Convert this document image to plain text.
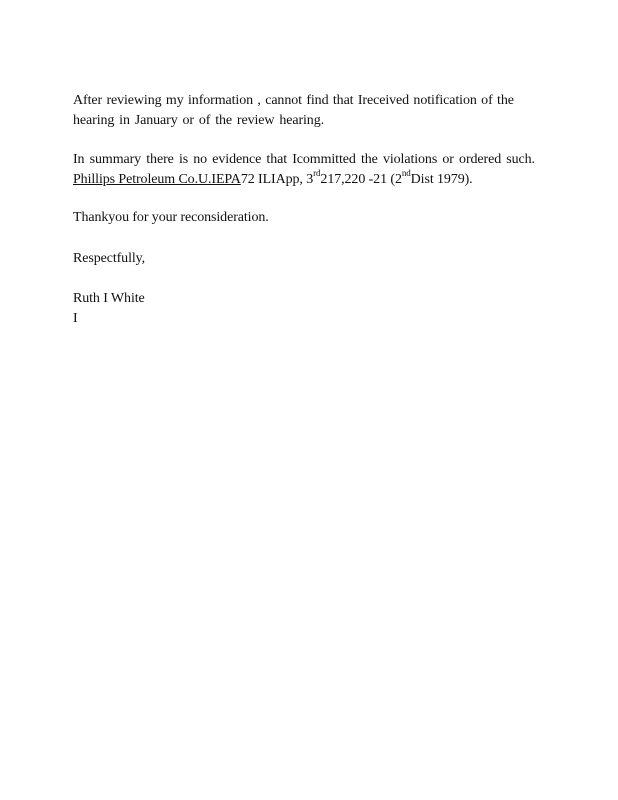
After reviewing my information , cannot find that Ireceived notification of the
hearing in January or of the review hearing.
In summary there is no evidence that Icommitted the violations or ordered such.
Phillips Petroleum Co.U.IEPA72 ILIApp, 3rd217,220 -21 (2ndDist 1979).
Thankyou for your reconsideration.
Respectfully,
Ruth I White
I
